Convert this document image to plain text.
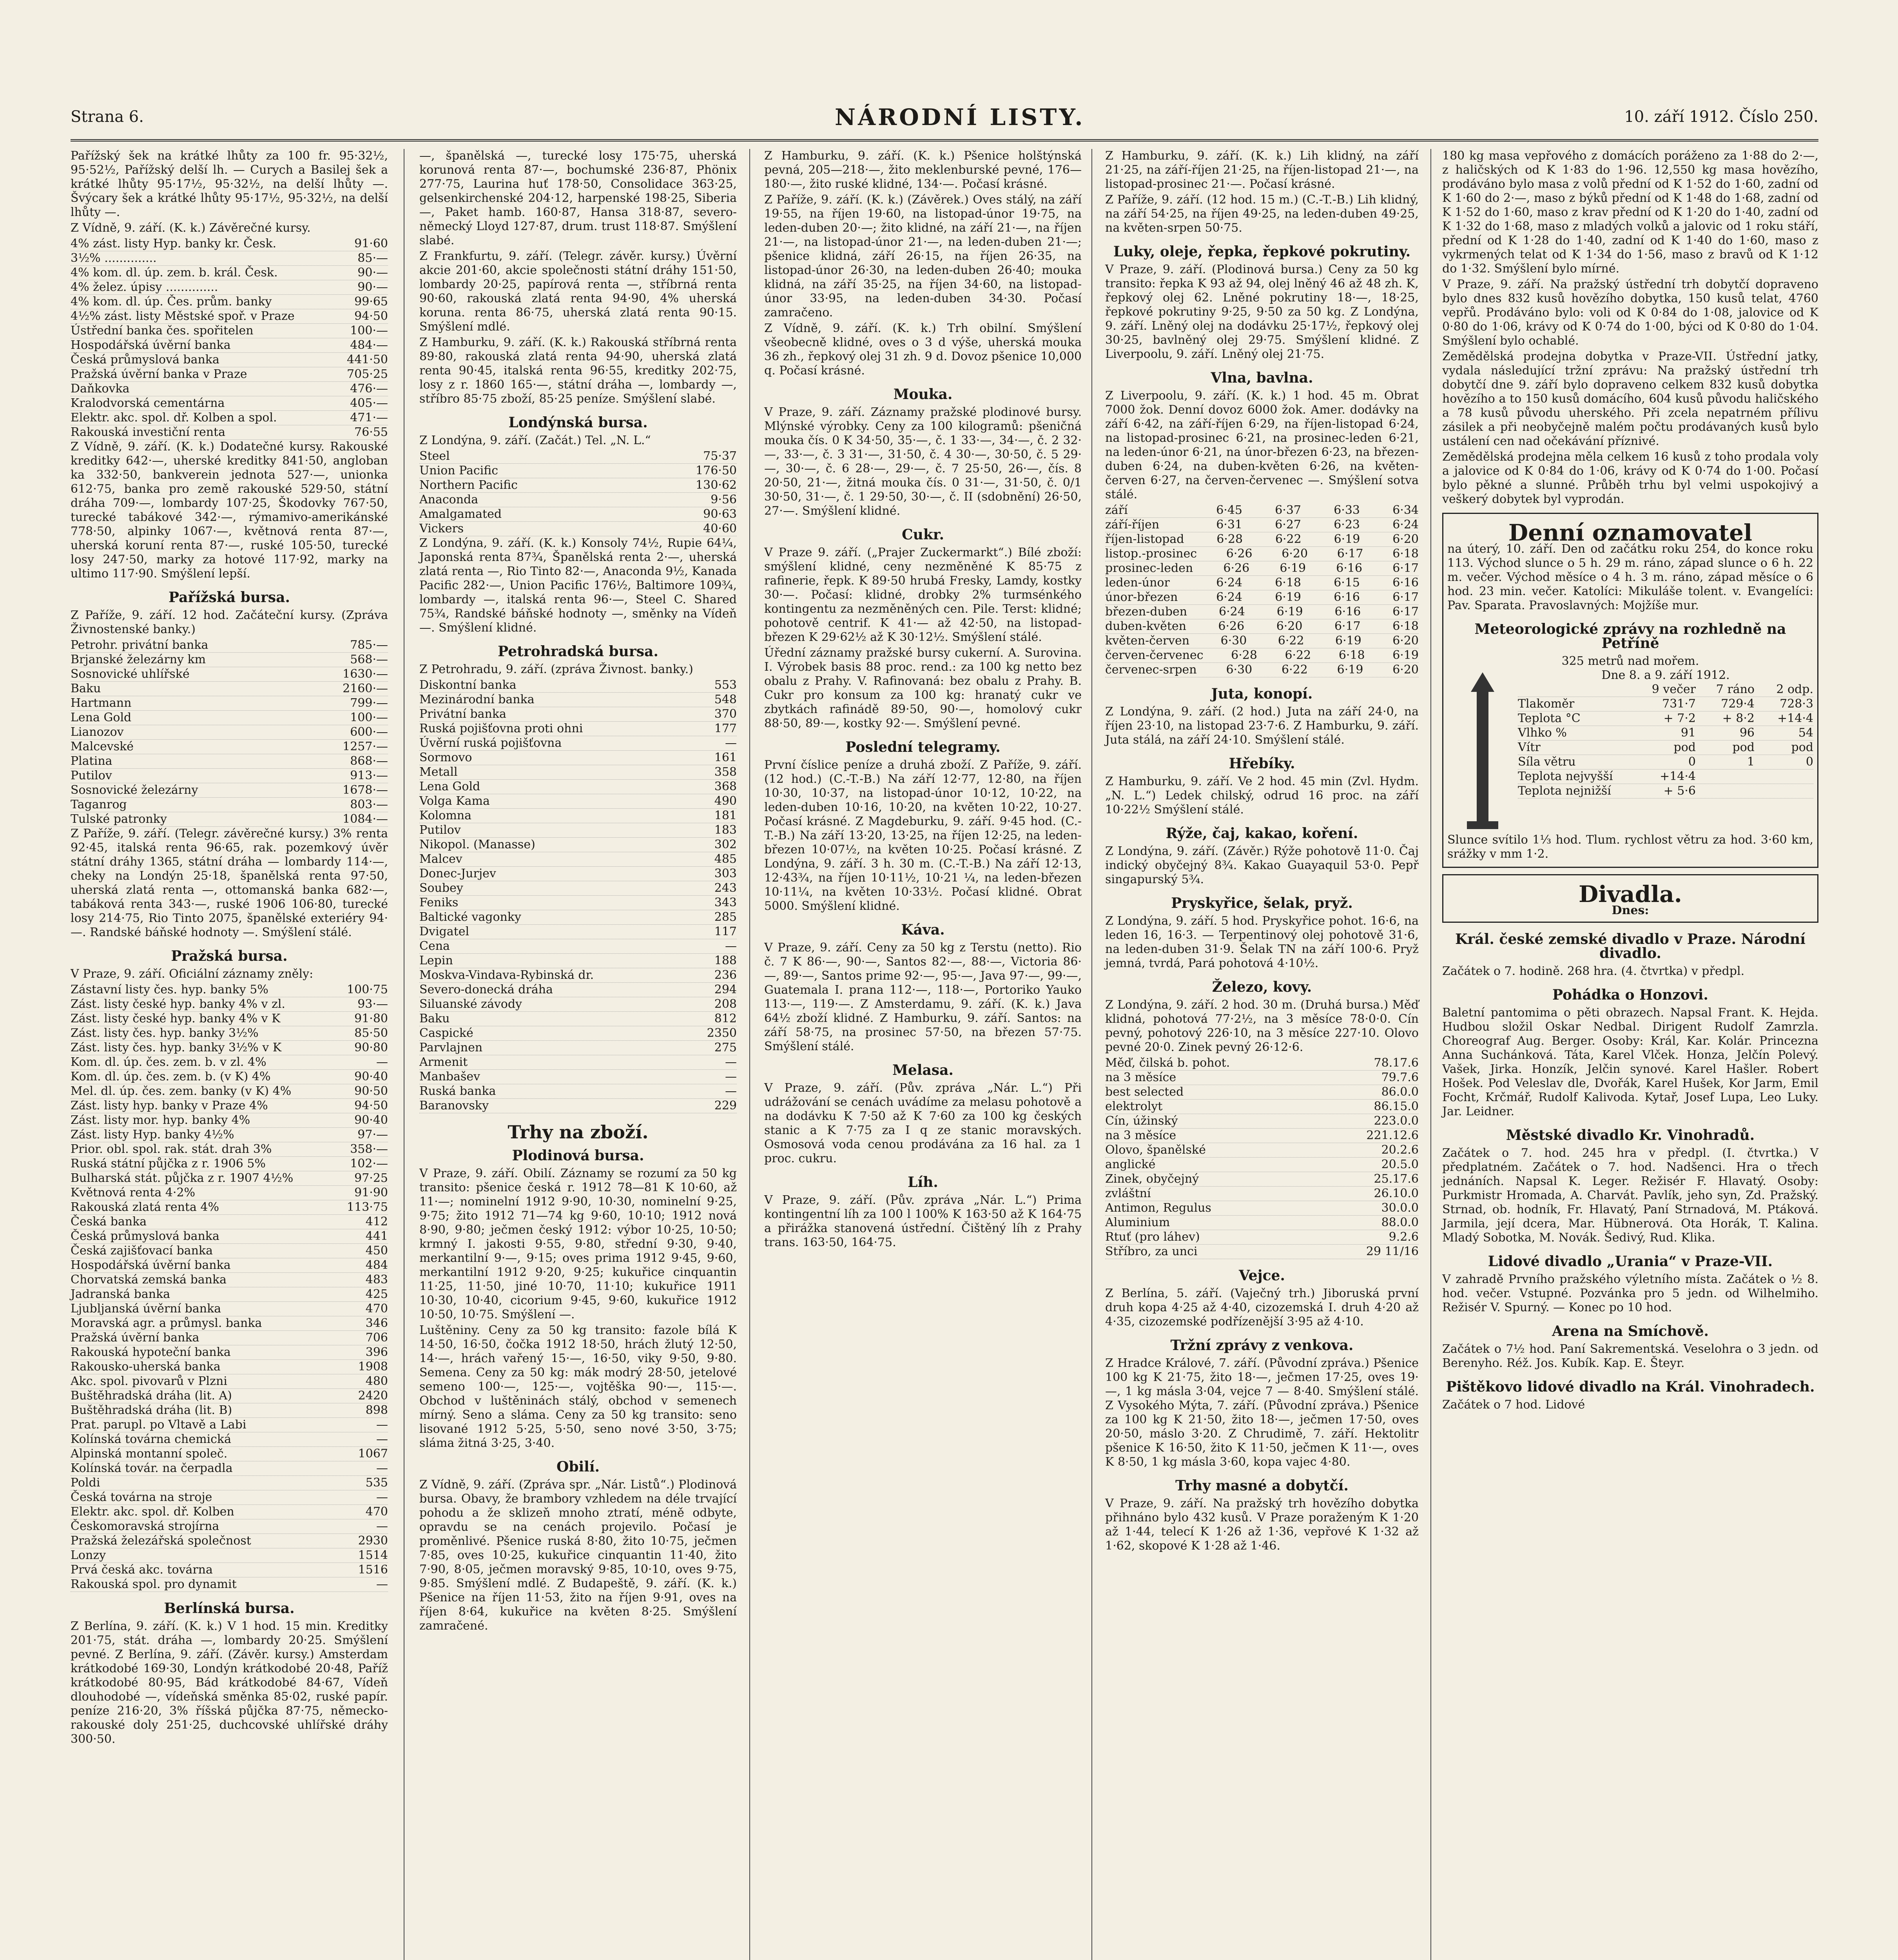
Strana 6.	NÁRODNÍ LISTY.	10. září 1912. Číslo 250.

Pařížský šek na krátké lhůty za 100 fr. 95·32½, 95·52½, Pařížský delší lh. — Curych a Basilej šek a krátké lhůty 95·17½, 95·32½, na delší lhůty —. Švýcary šek a krátké lhůty 95·17½, 95·32½, na delší lhůty —.

Z Vídně, 9. září. (K. k.) Závěrečné kursy.

4% zást. listy Hyp. banky kr. Česk.	91·60
3½% ..............	85·—
4% kom. dl. úp. zem. b. král. Česk.	90·—
4% želez. úpisy ..............	90·—
4% kom. dl. úp. Čes. prům. banky	99·65
4½% zást. listy Městské spoř. v Praze	94·50
Ústřední banka čes. spořitelen	100·—
Hospodářská úvěrní banka	484·—
Česká průmyslová banka	441·50
Pražská úvěrní banka v Praze	705·25
Daňkovka	476·—
Kralodvorská cementárna	405·—
Elektr. akc. spol. dř. Kolben a spol.	471·—
Rakouská investiční renta	76·55

Z Vídně, 9. září. (K. k.) Dodatečné kursy. Rakouské kreditky 642·—, uherské kreditky 841·50, angloban ka 332·50, bankverein jednota 527·—, unionka 612·75, banka pro země rakouské 529·50, státní dráha 709·—, lombardy 107·25, Škodovky 767·50, turecké tabákové 342·—, rýmamivo-amerikánské 778·50, alpinky 1067·—, květnová renta 87·—, uherská koruní renta 87·—, ruské 105·50, turecké losy 247·50, marky za hotové 117·92, marky na ultimo 117·90. Smýšlení lepší.

Pařížská bursa.

Z Paříže, 9. září. 12 hod. Začáteční kursy. (Zpráva Živnostenské banky.)

Petrohr. privátní banka	785·—
Brjanské železárny km	568·—
Sosnovické uhlířské	1630·—
Baku	2160·—
Hartmann	799·—
Lena Gold	100·—
Lianozov	600·—
Malcevské	1257·—
Platina	868·—
Putilov	913·—
Sosnovické železárny	1678·—
Taganrog	803·—
Tulské patronky	1084·—

Z Paříže, 9. září. (Telegr. závěrečné kursy.) 3% renta 92·45, italská renta 96·65, rak. pozemkový úvěr státní dráhy 1365, státní dráha — lombardy 114·—, cheky na Londýn 25·18, španělská renta 97·50, uherská zlatá renta —, ottomanská banka 682·—, tabáková renta 343·—, ruské 1906 106·80, turecké losy 214·75, Rio Tinto 2075, španělské exteriéry 94·—. Randské báňské hodnoty —. Smýšlení stálé.

Pražská bursa.

V Praze, 9. září. Oficiální záznamy zněly:

Zástavní listy čes. hyp. banky 5%	100·75
Zást. listy české hyp. banky 4% v zl.	93·—
Zást. listy české hyp. banky 4% v K	91·80
Zást. listy čes. hyp. banky 3½%	85·50
Zást. listy čes. hyp. banky 3½% v K	90·80
Kom. dl. úp. čes. zem. b. v zl. 4%	—
Kom. dl. úp. čes. zem. b. (v K) 4%	90·40
Mel. dl. úp. čes. zem. banky (v K) 4%	90·50
Zást. listy hyp. banky v Praze 4%	94·50
Zást. listy mor. hyp. banky 4%	90·40
Zást. listy Hyp. banky 4½%	97·—
Prior. obl. spol. rak. stát. drah 3%	358·—
Ruská státní půjčka z r. 1906 5%	102·—
Bulharská stát. půjčka z r. 1907 4½%	97·25
Květnová renta 4·2%	91·90
Rakouská zlatá renta 4%	113·75
Česká banka	412
Česká průmyslová banka	441
Česká zajišťovací banka	450
Hospodářská úvěrní banka	484
Chorvatská zemská banka	483
Jadranská banka	425
Ljubljanská úvěrní banka	470
Moravská agr. a průmysl. banka	346
Pražská úvěrní banka	706
Rakouská hypoteční banka	396
Rakousko-uherská banka	1908
Akc. spol. pivovarů v Plzni	480
Buštěhradská dráha (lit. A)	2420
Buštěhradská dráha (lit. B)	898
Prat. parupl. po Vltavě a Labi	—
Kolínská továrna chemická	—
Alpinská montanní společ.	1067
Kolínská továr. na čerpadla	—
Poldi	535
Česká továrna na stroje	—
Elektr. akc. spol. dř. Kolben	470
Českomoravská strojírna	—
Pražská železářská společnost	2930
Lonzy	1514
Prvá česká akc. továrna	1516
Rakouská spol. pro dynamit	—
Berlínská bursa.

Z Berlína, 9. září. (K. k.) V 1 hod. 15 min. Kreditky 201·75, stát. dráha —, lombardy 20·25. Smýšlení pevné. Z Berlína, 9. září. (Závěr. kursy.) Amsterdam krátkodobé 169·30, Londýn krátkodobé 20·48, Paříž krátkodobé 80·95, Bád krátkodobé 84·67, Vídeň dlouhodobé —, vídeňská směnka 85·02, ruské papír. peníze 216·20, 3% říšská půjčka 87·75, německo-rakouské doly 251·25, duchcovské uhlířské dráhy 300·50.

—, španělská —, turecké losy 175·75, uherská korunová renta 87·—, bochumské 236·87, Phönix 277·75, Laurina huť 178·50, Consolidace 363·25, gelsenkirchenské 204·12, harpenské 198·25, Siberia —, Paket hamb. 160·87, Hansa 318·87, severo-německý Lloyd 127·87, drum. trust 118·87. Smýšlení slabé.

Z Frankfurtu, 9. září. (Telegr. závěr. kursy.) Úvěrní akcie 201·60, akcie společnosti státní dráhy 151·50, lombardy 20·25, papírová renta —, stříbrná renta 90·60, rakouská zlatá renta 94·90, 4% uherská koruna. renta 86·75, uherská zlatá renta 90·15. Smýšlení mdlé.

Z Hamburku, 9. září. (K. k.) Rakouská stříbrná renta 89·80, rakouská zlatá renta 94·90, uherská zlatá renta 90·45, italská renta 96·55, kreditky 202·75, losy z r. 1860 165·—, státní dráha —, lombardy —, stříbro 85·75 zboží, 85·25 peníze. Smýšlení slabé.

Londýnská bursa.

Z Londýna, 9. září. (Začát.) Tel. „N. L.“

Steel	75·37
Union Pacific	176·50
Northern Pacific	130·62
Anaconda	9·56
Amalgamated	90·63
Vickers	40·60

Z Londýna, 9. září. (K. k.) Konsoly 74½, Rupie 64¼, Japonská renta 87¾, Španělská renta 2·—, uherská zlatá renta —, Rio Tinto 82·—, Anaconda 9½, Kanada Pacific 282·—, Union Pacific 176½, Baltimore 109¾, lombardy —, italská renta 96·—, Steel C. Shared 75¾, Randské báňské hodnoty —, směnky na Vídeň —. Smýšlení klidné.

Petrohradská bursa.

Z Petrohradu, 9. září. (zpráva Živnost. banky.)

Diskontní banka	553
Mezinárodní banka	548
Privátní banka	370
Ruská pojišťovna proti ohni	177
Úvěrní ruská pojišťovna	—
Sormovo	161
Metall	358
Lena Gold	368
Volga Kama	490
Kolomna	181
Putilov	183
Nikopol. (Manasse)	302
Malcev	485
Donec-Jurjev	303
Soubey	243
Feniks	343
Baltické vagonky	285
Dvigatel	117
Cena	—
Lepin	188
Moskva-Vindava-Rybinská dr.	236
Severo-donecká dráha	294
Siluanské závody	208
Baku	812
Caspické	2350
Parvlajnen	275
Armenit	—
Manbašev	—
Ruská banka	—
Baranovsky	229
Trhy na zboží.
Plodinová bursa.

V Praze, 9. září. Obilí. Záznamy se rozumí za 50 kg transito: pšenice česká r. 1912 78—81 K 10·60, až 11·—; nominelní 1912 9·90, 10·30, nominelní 9·25, 9·75; žito 1912 71—74 kg 9·60, 10·10; 1912 nová 8·90, 9·80; ječmen český 1912: výbor 10·25, 10·50; krmný I. jakosti 9·55, 9·80, střední 9·30, 9·40, merkantilní 9·—, 9·15; oves prima 1912 9·45, 9·60, merkantilní 1912 9·20, 9·25; kukuřice cinquantin 11·25, 11·50, jiné 10·70, 11·10; kukuřice 1911 10·30, 10·40, cicorium 9·45, 9·60, kukuřice 1912 10·50, 10·75. Smýšlení —.

Luštěniny. Ceny za 50 kg transito: fazole bílá K 14·50, 16·50, čočka 1912 18·50, hrách žlutý 12·50, 14·—, hrách vařený 15·—, 16·50, viky 9·50, 9·80. Semena. Ceny za 50 kg: mák modrý 28·50, jetelové semeno 100·—, 125·—, vojtěška 90·—, 115·—. Obchod v luštěninách stálý, obchod v semenech mírný. Seno a sláma. Ceny za 50 kg transito: seno lisované 1912 5·25, 5·50, seno nové 3·50, 3·75; sláma žitná 3·25, 3·40.

Obilí.

Z Vídně, 9. září. (Zpráva spr. „Nár. Listů“.) Plodinová bursa. Obavy, že brambory vzhledem na déle trvající pohodu a že sklizeň mnoho ztratí, méně odbyte, opravdu se na cenách projevilo. Počasí je proměnlivé. Pšenice ruská 8·80, žito 10·75, ječmen 7·85, oves 10·25, kukuřice cinquantin 11·40, žito 7·90, 8·05, ječmen moravský 9·85, 10·10, oves 9·75, 9·85. Smýšlení mdlé. Z Budapeště, 9. září. (K. k.) Pšenice na říjen 11·53, žito na říjen 9·91, oves na říjen 8·64, kukuřice na květen 8·25. Smýšlení zamračené.

Z Hamburku, 9. září. (K. k.) Pšenice holštýnská pevná, 205—218·—, žito meklenburské pevné, 176—180·—, žito ruské klidné, 134·—. Počasí krásné.

Z Paříže, 9. září. (K. k.) (Závěrek.) Oves stálý, na září 19·55, na říjen 19·60, na listopad-únor 19·75, na leden-duben 20·—; žito klidné, na září 21·—, na říjen 21·—, na listopad-únor 21·—, na leden-duben 21·—; pšenice klidná, září 26·15, na říjen 26·35, na listopad-únor 26·30, na leden-duben 26·40; mouka klidná, na září 35·25, na říjen 34·60, na listopad-únor 33·95, na leden-duben 34·30. Počasí zamračeno.

Z Vídně, 9. září. (K. k.) Trh obilní. Smýšlení všeobecně klidné, oves o 3 d výše, uherská mouka 36 zh., řepkový olej 31 zh. 9 d. Dovoz pšenice 10,000 q. Počasí krásné.

Mouka.

V Praze, 9. září. Záznamy pražské plodinové bursy. Mlýnské výrobky. Ceny za 100 kilogramů: pšeničná mouka čís. 0 K 34·50, 35·—, č. 1 33·—, 34·—, č. 2 32·—, 33·—, č. 3 31·—, 31·50, č. 4 30·—, 30·50, č. 5 29·—, 30·—, č. 6 28·—, 29·—, č. 7 25·50, 26·—, čís. 8 20·50, 21·—, žitná mouka čís. 0 31·—, 31·50, č. 0/1 30·50, 31·—, č. 1 29·50, 30·—, č. II (sdobnění) 26·50, 27·—. Smýšlení klidné.

Cukr.

V Praze 9. září. („Prajer Zuckermarkt“.) Bílé zboží: smýšlení klidné, ceny nezměněné K 85·75 z rafinerie, řepk. K 89·50 hrubá Fresky, Lamdy, kostky 30·—. Počasí: klidné, drobky 2% turmsénkého kontingentu za nezměněných cen. Pile. Terst: klidné; pohotově centrif. K 41·— až 42·50, na listopad-březen K 29·62½ až K 30·12½. Smýšlení stálé.

Úřední záznamy pražské bursy cukerní. A. Surovina. I. Výrobek basis 88 proc. rend.: za 100 kg netto bez obalu z Prahy. V. Rafinovaná: bez obalu z Prahy. B. Cukr pro konsum za 100 kg: hranatý cukr ve zbytkách rafinádě 89·50, 90·—, homolový cukr 88·50, 89·—, kostky 92·—. Smýšlení pevné.

Poslední telegramy.

První číslice peníze a druhá zboží. Z Paříže, 9. září. (12 hod.) (C.-T.-B.) Na září 12·77, 12·80, na říjen 10·30, 10·37, na listopad-únor 10·12, 10·22, na leden-duben 10·16, 10·20, na květen 10·22, 10·27. Počasí krásné. Z Magdeburku, 9. září. 9·45 hod. (C.-T.-B.) Na září 13·20, 13·25, na říjen 12·25, na leden-březen 10·07½, na květen 10·25. Počasí krásné. Z Londýna, 9. září. 3 h. 30 m. (C.-T.-B.) Na září 12·13, 12·43¾, na říjen 10·11½, 10·21 ¼, na leden-březen 10·11¼, na květen 10·33½. Počasí klidné. Obrat 5000. Smýšlení klidné.

Káva.

V Praze, 9. září. Ceny za 50 kg z Terstu (netto). Rio č. 7 K 86·—, 90·—, Santos 82·—, 88·—, Victoria 86·—, 89·—, Santos prime 92·—, 95·—, Java 97·—, 99·—, Guatemala I. prana 112·—, 118·—, Portoriko Yauko 113·—, 119·—. Z Amsterdamu, 9. září. (K. k.) Java 64½ zboží klidné. Z Hamburku, 9. září. Santos: na září 58·75, na prosinec 57·50, na březen 57·75. Smýšlení stálé.

Melasa.

V Praze, 9. září. (Pův. zpráva „Nár. L.“) Při udrážování se cenách uvádíme za melasu pohotově a na dodávku K 7·50 až K 7·60 za 100 kg českých stanic a K 7·75 za I q ze stanic moravských. Osmosová voda cenou prodávána za 16 hal. za 1 proc. cukru.

Líh.

V Praze, 9. září. (Pův. zpráva „Nár. L.“) Prima kontingentní líh za 100 l 100% K 163·50 až K 164·75 a přirážka stanovená ústřední. Čištěný líh z Prahy trans. 163·50, 164·75.

Z Hamburku, 9. září. (K. k.) Lih klidný, na září 21·25, na září-říjen 21·25, na říjen-listopad 21·—, na listopad-prosinec 21·—. Počasí krásné.

Z Paříže, 9. září. (12 hod. 15 m.) (C.-T.-B.) Lih klidný, na září 54·25, na říjen 49·25, na leden-duben 49·25, na květen-srpen 50·75.

Luky, oleje, řepka, řepkové pokrutiny.

V Praze, 9. září. (Plodinová bursa.) Ceny za 50 kg transito: řepka K 93 až 94, olej lněný 46 až 48 zh. K, řepkový olej 62. Lněné pokrutiny 18·—, 18·25, řepkové pokrutiny 9·25, 9·50 za 50 kg. Z Londýna, 9. září. Lněný olej na dodávku 25·17½, řepkový olej 30·25, bavlněný olej 29·75. Smýšlení klidné. Z Liverpoolu, 9. září. Lněný olej 21·75.

Vlna, bavlna.

Z Liverpoolu, 9. září. (K. k.) 1 hod. 45 m. Obrat 7000 žok. Denní dovoz 6000 žok. Amer. dodávky na září 6·42, na září-říjen 6·29, na říjen-listopad 6·24, na listopad-prosinec 6·21, na prosinec-leden 6·21, na leden-únor 6·21, na únor-březen 6·23, na březen-duben 6·24, na duben-květen 6·26, na květen-červen 6·27, na červen-červenec —. Smýšlení sotva stálé.

září	6·45	6·37	6·33	6·34
září-říjen	6·31	6·27	6·23	6·24
říjen-listopad	6·28	6·22	6·19	6·20
listop.-prosinec	6·26	6·20	6·17	6·18
prosinec-leden	6·26	6·19	6·16	6·17
leden-únor	6·24	6·18	6·15	6·16
únor-březen	6·24	6·19	6·16	6·17
březen-duben	6·24	6·19	6·16	6·17
duben-květen	6·26	6·20	6·17	6·18
květen-červen	6·30	6·22	6·19	6·20
červen-červenec	6·28	6·22	6·18	6·19
červenec-srpen	6·30	6·22	6·19	6·20
Juta, konopí.

Z Londýna, 9. září. (2 hod.) Juta na září 24·0, na říjen 23·10, na listopad 23·7·6. Z Hamburku, 9. září. Juta stálá, na září 24·10. Smýšlení stálé.

Hřebíky.

Z Hamburku, 9. září. Ve 2 hod. 45 min (Zvl. Hydm. „N. L.“) Ledek chilský, odrud 16 proc. na září 10·22½ Smýšlení stálé.

Rýže, čaj, kakao, koření.

Z Londýna, 9. září. (Závěr.) Rýže pohotově 11·0. Čaj indický obyčejný 8¾. Kakao Guayaquil 53·0. Pepř singapurský 5¾.

Pryskyřice, šelak, pryž.

Z Londýna, 9. září. 5 hod. Pryskyřice pohot. 16·6, na leden 16, 16·3. — Terpentinový olej pohotově 31·6, na leden-duben 31·9. Šelak TN na září 100·6. Pryž jemná, tvrdá, Pará pohotová 4·10½.

Železo, kovy.

Z Londýna, 9. září. 2 hod. 30 m. (Druhá bursa.) Měď klidná, pohotová 77·2½, na 3 měsíce 78·0·0. Cín pevný, pohotový 226·10, na 3 měsíce 227·10. Olovo pevné 20·0. Zinek pevný 26·12·6.

Měď, čilská b. pohot.	78.17.6
na 3 měsíce	79.7.6
best selected	86.0.0
elektrolyt	86.15.0
Cín, úžinský	223.0.0
na 3 měsíce	221.12.6
Olovo, španělské	20.2.6
anglické	20.5.0
Zinek, obyčejný	25.17.6
zvláštní	26.10.0
Antimon, Regulus	30.0.0
Aluminium	88.0.0
Rtuť (pro láhev)	9.2.6
Stříbro, za unci	29 11/16
Vejce.

Z Berlína, 5. září. (Vaječný trh.) Jiboruská první druh kopa 4·25 až 4·40, cizozemská I. druh 4·20 až 4·35, cizozemské podřízenější 3·95 až 4·10.

Tržní zprávy z venkova.

Z Hradce Králové, 7. září. (Původní zpráva.) Pšenice 100 kg K 21·75, žito 18·—, ječmen 17·25, oves 19·—, 1 kg másla 3·04, vejce 7 — 8·40. Smýšlení stálé. Z Vysokého Mýta, 7. září. (Původní zpráva.) Pšenice za 100 kg K 21·50, žito 18·—, ječmen 17·50, oves 20·50, máslo 3·20. Z Chrudimě, 7. září. Hektolitr pšenice K 16·50, žito K 11·50, ječmen K 11·—, oves K 8·50, 1 kg másla 3·60, kopa vajec 4·80.

Trhy masné a dobytčí.

V Praze, 9. září. Na pražský trh hovězího dobytka přihnáno bylo 432 kusů. V Praze poraženým K 1·20 až 1·44, telecí K 1·26 až 1·36, vepřové K 1·32 až 1·62, skopové K 1·28 až 1·46.

180 kg masa vepřového z domácích poráženo za 1·88 do 2·—, z haličských od K 1·83 do 1·96. 12,550 kg masa hovězího, prodáváno bylo masa z volů přední od K 1·52 do 1·60, zadní od K 1·60 do 2·—, maso z býků přední od K 1·48 do 1·68, zadní od K 1·52 do 1·60, maso z krav přední od K 1·20 do 1·40, zadní od K 1·32 do 1·68, maso z mladých volků a jalovic od 1 roku stáří, přední od K 1·28 do 1·40, zadní od K 1·40 do 1·60, maso z vykrmených telat od K 1·34 do 1·56, maso z bravů od K 1·12 do 1·32. Smýšlení bylo mírné.

V Praze, 9. září. Na pražský ústřední trh dobytčí dopraveno bylo dnes 832 kusů hovězího dobytka, 150 kusů telat, 4760 vepřů. Prodáváno bylo: voli od K 0·84 do 1·08, jalovice od K 0·80 do 1·06, krávy od K 0·74 do 1·00, býci od K 0·80 do 1·04. Smýšlení bylo ochablé.

Zemědělská prodejna dobytka v Praze-VII. Ústřední jatky, vydala následující tržní zprávu: Na pražský ústřední trh dobytčí dne 9. září bylo dopraveno celkem 832 kusů dobytka hovězího a to 150 kusů domácího, 604 kusů původu haličského a 78 kusů původu uherského. Při zcela nepatrném přílivu zásilek a při neobyčejně malém počtu prodávaných kusů bylo ustálení cen nad očekávání příznivé.

Zemědělská prodejna měla celkem 16 kusů z toho prodala voly a jalovice od K 0·84 do 1·06, krávy od K 0·74 do 1·00. Počasí bylo pěkné a slunné. Průběh trhu byl velmi uspokojivý a veškerý dobytek byl vyprodán.

Denní oznamovatel

na úterý, 10. září. Den od začátku roku 254, do konce roku 113. Východ slunce o 5 h. 29 m. ráno, západ slunce o 6 h. 22 m. večer. Východ měsíce o 4 h. 3 m. ráno, západ měsíce o 6 hod. 23 min. večer. Katolíci: Mikuláše tolent. v. Evangelíci: Pav. Sparata. Pravoslavných: Mojžíše mur.

Meteorologické zprávy na rozhledně na Petříně
325 metrů nad mořem.
Dne 8. a 9. září 1912.
9 večer	7 ráno	2 odp.
Tlakoměr	731·7	729·4	728·3
Teplota °C	+ 7·2	+ 8·2	+14·4
Vlhko %	91	96	54
Vítr	pod	pod	pod
Síla větru	0	1	0
Teplota nejvyšší	+14·4
Teplota nejnižší	+ 5·6

Slunce svítilo 1⅓ hod. Tlum. rychlost větru za hod. 3·60 km, srážky v mm 1·2.

Divadla.
Dnes:
Král. české zemské divadlo v Praze. Národní divadlo.

Začátek o 7. hodině. 268 hra. (4. čtvrtka) v předpl.

Pohádka o Honzovi.

Baletní pantomima o pěti obrazech. Napsal Frant. K. Hejda. Hudbou složil Oskar Nedbal. Dirigent Rudolf Zamrzla. Choreograf Aug. Berger. Osoby: Král, Kar. Kolár. Princezna Anna Suchánková. Táta, Karel Vlček. Honza, Jelčín Polevý. Vašek, Jirka. Honzík, Jelčin synové. Karel Hašler. Robert Hošek. Pod Veleslav dle, Dvořák, Karel Hušek, Kor Jarm, Emil Focht, Krčmář, Rudolf Kalivoda. Kytař, Josef Lupa, Leo Luky. Jar. Leidner.

Městské divadlo Kr. Vinohradů.

Začátek o 7. hod. 245 hra v předpl. (I. čtvrtka.) V předplatném. Začátek o 7. hod. Nadšenci. Hra o třech jednáních. Napsal K. Leger. Režisér F. Hlavatý. Osoby: Purkmistr Hromada, A. Charvát. Pavlík, jeho syn, Zd. Pražský. Strnad, ob. hodník, Fr. Hlavatý, Paní Strnadová, M. Ptáková. Jarmila, její dcera, Mar. Hübnerová. Ota Horák, T. Kalina. Mladý Sobotka, M. Novák. Šedivý, Rud. Klika.

Lidové divadlo „Urania“ v Praze-VII.

V zahradě Prvního pražského výletního místa. Začátek o ½ 8. hod. večer. Vstupné. Pozvánka pro 5 jedn. od Wilhelmiho. Režisér V. Spurný. — Konec po 10 hod.

Arena na Smíchově.

Začátek o 7½ hod. Paní Sakrementská. Veselohra o 3 jedn. od Berenyho. Réž. Jos. Kubík. Kap. E. Šteyr.

Pištěkovo lidové divadlo na Král. Vinohradech.

Začátek o 7 hod. Lidové
